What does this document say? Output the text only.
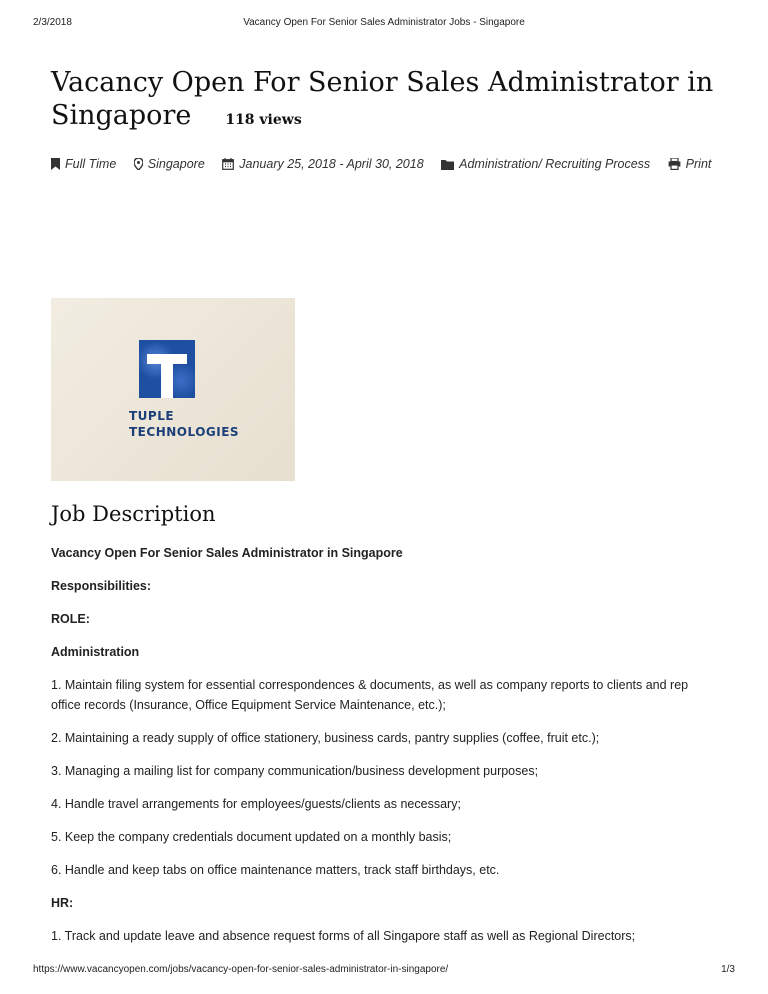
2/3/2018	Vacancy Open For Senior Sales Administrator Jobs - Singapore
Vacancy Open For Senior Sales Administrator in Singapore 118 views
Full Time	Singapore	January 25, 2018 - April 30, 2018	Administration/ Recruiting Process	Print
TUPLE
TECHNOLOGIES
Job Description

Vacancy Open For Senior Sales Administrator in Singapore

Responsibilities:

ROLE:

Administration

1. Maintain filing system for essential correspondences & documents, as well as company reports to clients and rep office records (Insurance, Office Equipment Service Maintenance, etc.);

2. Maintaining a ready supply of office stationery, business cards, pantry supplies (coffee, fruit etc.);

3. Managing a mailing list for company communication/business development purposes;

4. Handle travel arrangements for employees/guests/clients as necessary;

5. Keep the company credentials document updated on a monthly basis;

6. Handle and keep tabs on office maintenance matters, track staff birthdays, etc.

HR:

1. Track and update leave and absence request forms of all Singapore staff as well as Regional Directors;

https://www.vacancyopen.com/jobs/vacancy-open-for-senior-sales-administrator-in-singapore/	1/3
